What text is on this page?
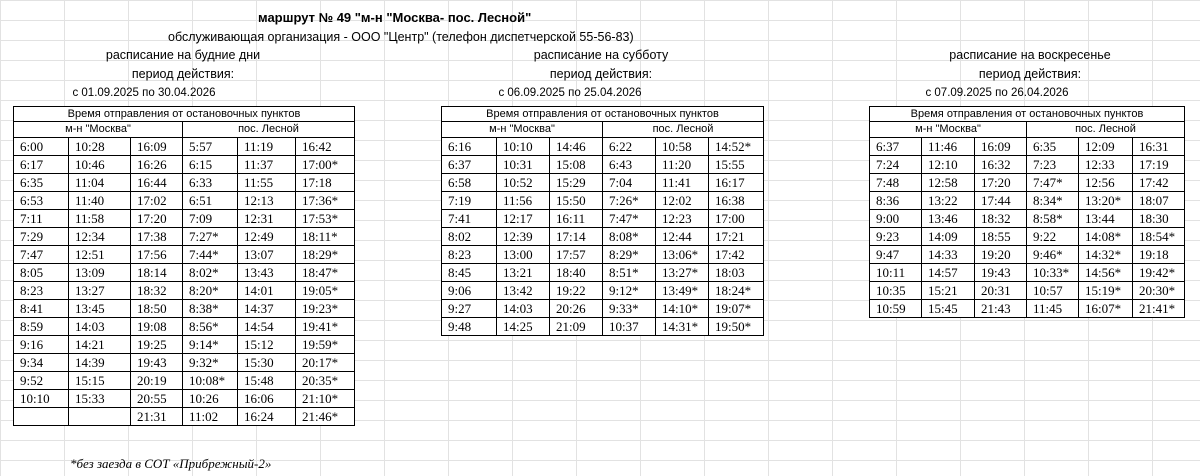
маршрут № 49 "м-н "Москва- пос. Лесной"
обслуживающая организация - ООО "Центр" (телефон диспетчерской 55-56-83)
расписание на будние дни
период действия:
с 01.09.2025 по 30.04.2026
расписание на субботу
период действия:
с 06.09.2025 по 25.04.2026
расписание на воскресенье
период действия:
с 07.09.2025 по 26.04.2026
Время отправления от остановочных пунктов					
м-н "Москва"			пос. Лесной		
6:00	10:28	16:09	5:57	11:19	16:42
6:17	10:46	16:26	6:15	11:37	17:00*
6:35	11:04	16:44	6:33	11:55	17:18
6:53	11:40	17:02	6:51	12:13	17:36*
7:11	11:58	17:20	7:09	12:31	17:53*
7:29	12:34	17:38	7:27*	12:49	18:11*
7:47	12:51	17:56	7:44*	13:07	18:29*
8:05	13:09	18:14	8:02*	13:43	18:47*
8:23	13:27	18:32	8:20*	14:01	19:05*
8:41	13:45	18:50	8:38*	14:37	19:23*
8:59	14:03	19:08	8:56*	14:54	19:41*
9:16	14:21	19:25	9:14*	15:12	19:59*
9:34	14:39	19:43	9:32*	15:30	20:17*
9:52	15:15	20:19	10:08*	15:48	20:35*
10:10	15:33	20:55	10:26	16:06	21:10*
		21:31	11:02	16:24	21:46*
Время отправления от остановочных пунктов					
м-н "Москва"			пос. Лесной		
6:16	10:10	14:46	6:22	10:58	14:52*
6:37	10:31	15:08	6:43	11:20	15:55
6:58	10:52	15:29	7:04	11:41	16:17
7:19	11:56	15:50	7:26*	12:02	16:38
7:41	12:17	16:11	7:47*	12:23	17:00
8:02	12:39	17:14	8:08*	12:44	17:21
8:23	13:00	17:57	8:29*	13:06*	17:42
8:45	13:21	18:40	8:51*	13:27*	18:03
9:06	13:42	19:22	9:12*	13:49*	18:24*
9:27	14:03	20:26	9:33*	14:10*	19:07*
9:48	14:25	21:09	10:37	14:31*	19:50*
Время отправления от остановочных пунктов					
м-н "Москва"			пос. Лесной		
6:37	11:46	16:09	6:35	12:09	16:31
7:24	12:10	16:32	7:23	12:33	17:19
7:48	12:58	17:20	7:47*	12:56	17:42
8:36	13:22	17:44	8:34*	13:20*	18:07
9:00	13:46	18:32	8:58*	13:44	18:30
9:23	14:09	18:55	9:22	14:08*	18:54*
9:47	14:33	19:20	9:46*	14:32*	19:18
10:11	14:57	19:43	10:33*	14:56*	19:42*
10:35	15:21	20:31	10:57	15:19*	20:30*
10:59	15:45	21:43	11:45	16:07*	21:41*
*без заезда в СОТ «Прибрежный-2»
